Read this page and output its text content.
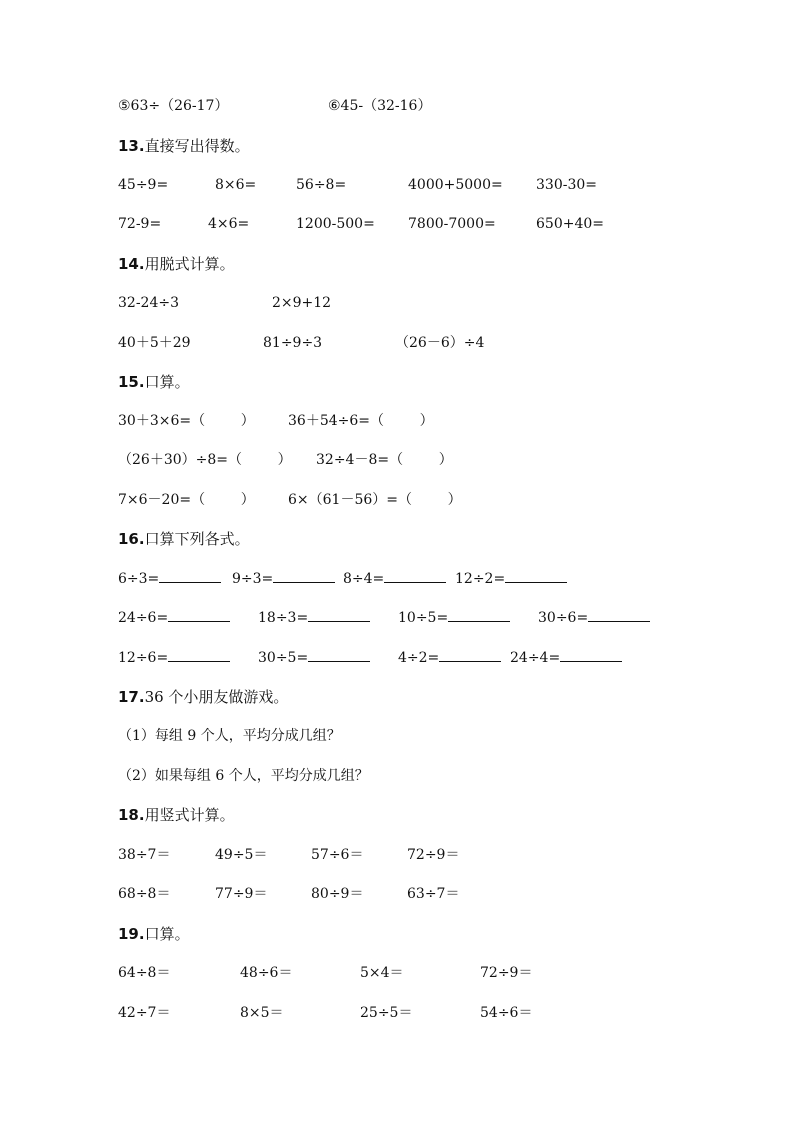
⑤63÷（26-17）	⑥45-（32-16）
13.直接写出得数。
45÷9=	8×6=	56÷8=	4000+5000= 330-30=
72-9=	4×6=	1200-500= 7800-7000=	650+40=
14.用脱式计算。
32-24÷3	2×9+12
40＋5＋29	81÷9÷3	（26－6）÷4
15.口算。
30＋3×6=（        ） 36＋54÷6=（        ）
（26＋30）÷8=（        ） 32÷4－8=（        ）
7×6－20=（        ） 6×（61－56）=（        ）
16.口算下列各式。
6÷3=	9÷3=	8÷4=	12÷2=
24÷6=	18÷3=	10÷5=	30÷6=
12÷6=	30÷5=	4÷2=	24÷4=
17.36 个小朋友做游戏。
（1）每组 9 个人，平均分成几组？
（2）如果每组 6 个人，平均分成几组？
18.用竖式计算。
38÷7＝	49÷5＝	57÷6＝	72÷9＝
68÷8＝	77÷9＝	80÷9＝	63÷7＝
19.口算。
64÷8＝	48÷6＝	5×4＝	72÷9＝
42÷7＝	8×5＝	25÷5＝	54÷6＝
